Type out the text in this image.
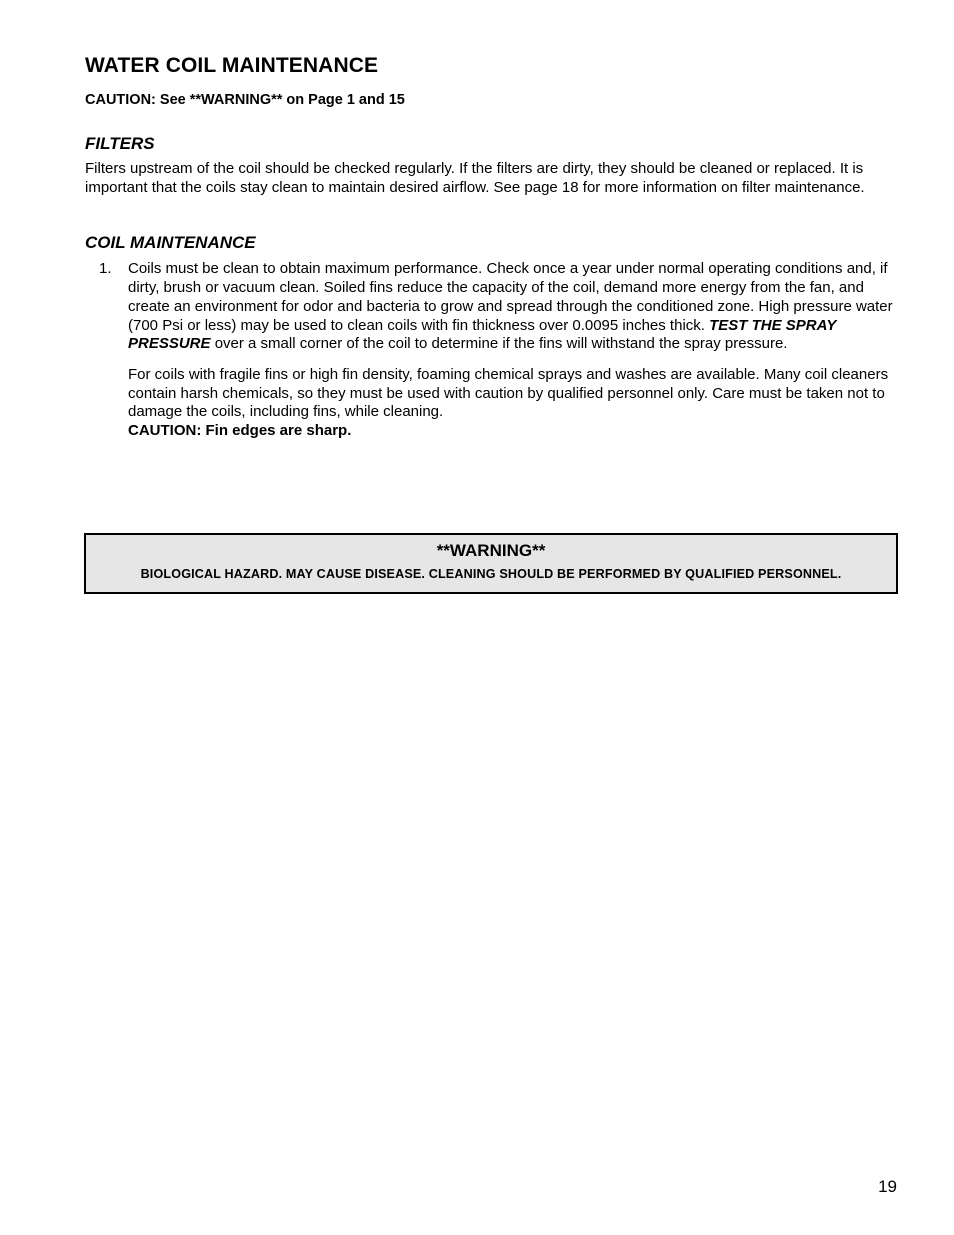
WATER COIL MAINTENANCE
CAUTION: See **WARNING** on Page 1 and 15
FILTERS

Filters upstream of the coil should be checked regularly. If the filters are dirty, they should be cleaned or replaced. It is important that the coils stay clean to maintain desired airflow. See page 18 for more information on filter maintenance.

COIL MAINTENANCE
1. Coils must be clean to obtain maximum performance. Check once a year under normal operating conditions and, if dirty, brush or vacuum clean. Soiled fins reduce the capacity of the coil, demand more energy from the fan, and create an environment for odor and bacteria to grow and spread through the conditioned zone. High pressure water (700 Psi or less) may be used to clean coils with fin thickness over 0.0095 inches thick. TEST THE SPRAY PRESSURE over a small corner of the coil to determine if the fins will withstand the spray pressure.

For coils with fragile fins or high fin density, foaming chemical sprays and washes are available. Many coil cleaners contain harsh chemicals, so they must be used with caution by qualified personnel only. Care must be taken not to damage the coils, including fins, while cleaning.
CAUTION: Fin edges are sharp.

**WARNING**
BIOLOGICAL HAZARD. MAY CAUSE DISEASE. CLEANING SHOULD BE PERFORMED BY QUALIFIED PERSONNEL.
19
